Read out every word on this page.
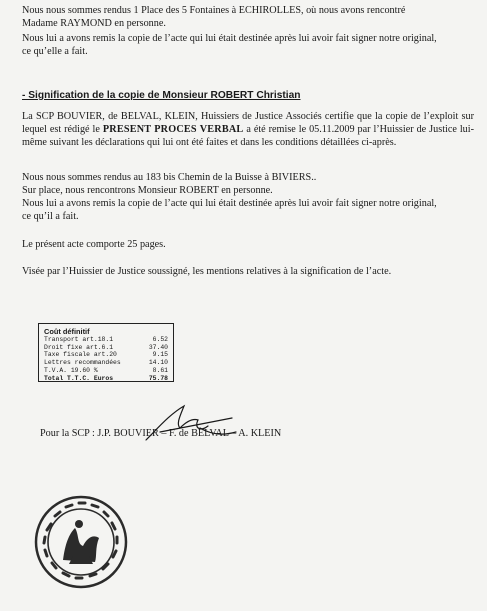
Nous nous sommes rendus 1 Place des 5 Fontaines à ECHIROLLES, où nous avons rencontré

Madame RAYMOND en personne.

Nous lui a avons remis la copie de l’acte qui lui était destinée après lui avoir fait signer notre original,

ce qu’elle a fait.

- Signification de la copie de Monsieur ROBERT Christian

La SCP BOUVIER, de BELVAL, KLEIN, Huissiers de Justice Associés certifie que la copie de l’exploit sur lequel est rédigé le PRESENT PROCES VERBAL a été remise le 05.11.2009 par l’Huissier de Justice lui-même suivant les déclarations qui lui ont été faites et dans les conditions détaillées ci-après.

Nous nous sommes rendus au 183 bis Chemin de la Buisse à BIVIERS..

Sur place, nous rencontrons Monsieur ROBERT en personne.

Nous lui a avons remis la copie de l’acte qui lui était destinée après lui avoir fait signer notre original,

ce qu’il a fait.

Le présent acte comporte 25 pages.

Visée par l’Huissier de Justice soussigné, les mentions relatives à la signification de l’acte.

Coût définitif
Transport art.18.1	6.52
Droit fixe art.6.1	37.40
Taxe fiscale art.20	9.15
Lettres recommandées	14.10
T.V.A. 19.60 %	8.61
Total T.T.C. Euros	75.78
Pour la SCP : J.P. BOUVIER – F. de BELVAL – A. KLEIN
